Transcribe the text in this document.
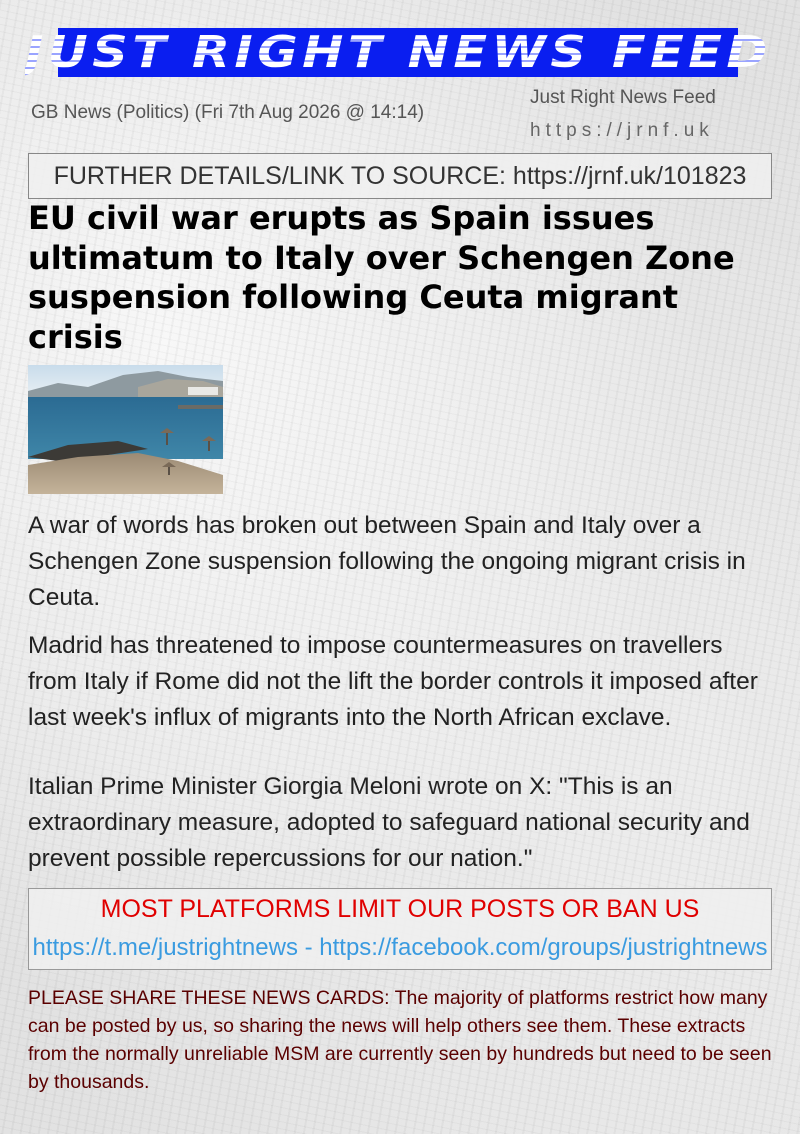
JUST RIGHT NEWS FEED
GB News (Politics) (Fri 7th Aug 2026 @ 14:14)
Just Right News Feed
https://jrnf.uk
FURTHER DETAILS/LINK TO SOURCE: https://jrnf.uk/101823
EU civil war erupts as Spain issues ultimatum to Italy over Schengen Zone suspension following Ceuta migrant crisis

A war of words has broken out between Spain and Italy over a Schengen Zone suspension following the ongoing migrant crisis in Ceuta.

Madrid has threatened to impose countermeasures on travellers from Italy if Rome did not the lift the border controls it imposed after last week's influx of migrants into the North African exclave.

Italian Prime Minister Giorgia Meloni wrote on X: "This is an extraordinary measure, adopted to safeguard national security and prevent possible repercussions for our nation."

MOST PLATFORMS LIMIT OUR POSTS OR BAN US
https://t.me/justrightnews - https://facebook.com/groups/justrightnews

PLEASE SHARE THESE NEWS CARDS: The majority of platforms restrict how many can be posted by us, so sharing the news will help others see them. These extracts from the normally unreliable MSM are currently seen by hundreds but need to be seen by thousands.
